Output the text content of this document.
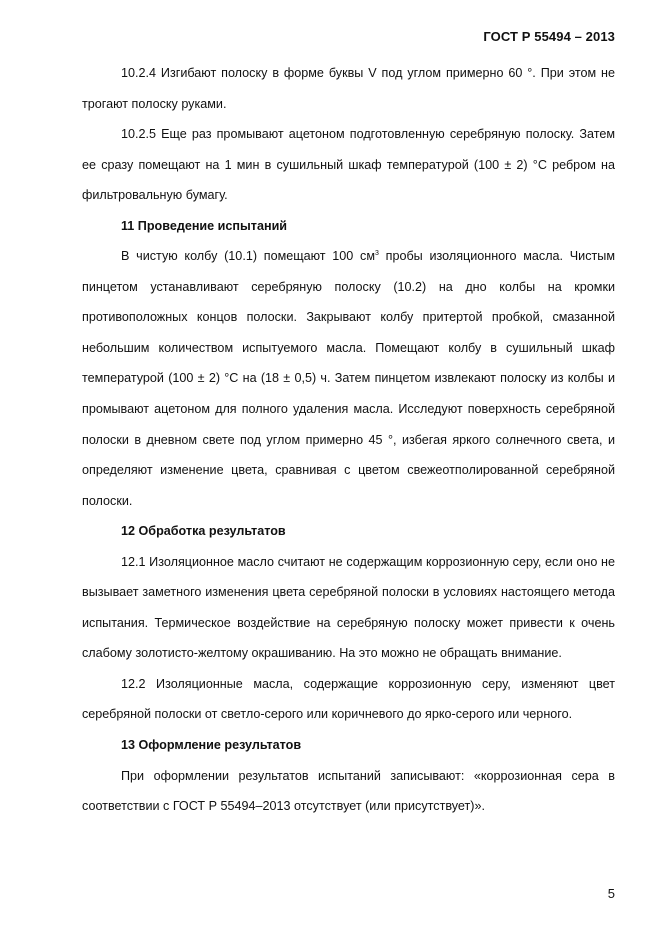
ГОСТ Р 55494 – 2013

10.2.4 Изгибают полоску в форме буквы V под углом примерно 60 °. При этом не трогают полоску руками.

10.2.5 Еще раз промывают ацетоном подготовленную серебряную полоску. Затем ее сразу помещают на 1 мин в сушильный шкаф температурой (100 ± 2) °С ребром на фильтровальную бумагу.

11 Проведение испытаний

В чистую колбу (10.1) помещают 100 $см^3$ пробы изоляционного масла. Чистым пинцетом устанавливают серебряную полоску (10.2) на дно колбы на кромки противоположных концов полоски. Закрывают колбу притертой пробкой, смазанной небольшим количеством испытуемого масла. Помещают колбу в сушильный шкаф температурой (100 ± 2) °С на (18 ± 0,5) ч. Затем пинцетом извлекают полоску из колбы и промывают ацетоном для полного удаления масла. Исследуют поверхность серебряной полоски в дневном свете под углом примерно 45 °, избегая яркого солнечного света, и определяют изменение цвета, сравнивая с цветом свежеотполированной серебряной полоски.

12 Обработка результатов

12.1 Изоляционное масло считают не содержащим коррозионную серу, если оно не вызывает заметного изменения цвета серебряной полоски в условиях настоящего метода испытания. Термическое воздействие на серебряную полоску может привести к очень слабому золотисто-желтому окрашиванию. На это можно не обращать внимание.

12.2 Изоляционные масла, содержащие коррозионную серу, изменяют цвет серебряной полоски от светло-серого или коричневого до ярко-серого или черного.

13 Оформление результатов

При оформлении результатов испытаний записывают: «коррозионная сера в соответствии с ГОСТ Р 55494–2013 отсутствует (или присутствует)».

5
